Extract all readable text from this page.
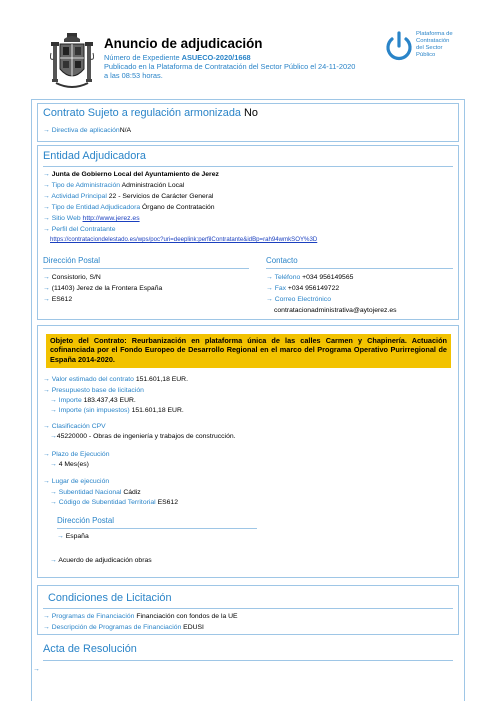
Anuncio de adjudicación
Número de Expediente ASUECO-2020/1668
Publicado en la Plataforma de Contratación del Sector Público el 24-11-2020
a las 08:53 horas.
Plataforma de
Contratación
del Sector
Público
Contrato Sujeto a regulación armonizada No
→ Directiva de aplicaciónN/A
Entidad Adjudicadora
→ Junta de Gobierno Local del Ayuntamiento de Jerez
→ Tipo de Administración Administración Local
→ Actividad Principal 22 - Servicios de Carácter General
→ Tipo de Entidad Adjudicadora Órgano de Contratación
→ Sitio Web http://www.jerez.es
→ Perfil del Contratante
https://contrataciondelestado.es/wps/poc?uri=deeplink:perfilContratante&idBp=rah94wmkSOY%3D
Dirección Postal
→ Consistorio, S/N
→ (11403) Jerez de la Frontera España
→ ES612
Contacto
→ Teléfono +034 956149565
→ Fax +034 956149722
→ Correo Electrónico
contratacionadministrativa@aytojerez.es
Objeto del Contrato: Reurbanización en plataforma única de las calles Carmen y Chapinería. Actuación cofinanciada por el Fondo Europeo de Desarrollo Regional en el marco del Programa Operativo Purirregional de España 2014-2020.
→ Valor estimado del contrato 151.601,18 EUR.
→ Presupuesto base de licitación
→ Importe 183.437,43 EUR.
→ Importe (sin impuestos) 151.601,18 EUR.
→ Clasificación CPV
→45220000 - Obras de ingeniería y trabajos de construcción.
→ Plazo de Ejecución
→ 4 Mes(es)
→ Lugar de ejecución
→ Subentidad Nacional Cádiz
→ Código de Subentidad Territorial ES612
Dirección Postal
→ España
→ Acuerdo de adjudicación obras
Condiciones de Licitación
→ Programas de Financiación Financiación con fondos de la UE
→ Descripción de Programas de Financiación EDUSI
Acta de Resolución
→
